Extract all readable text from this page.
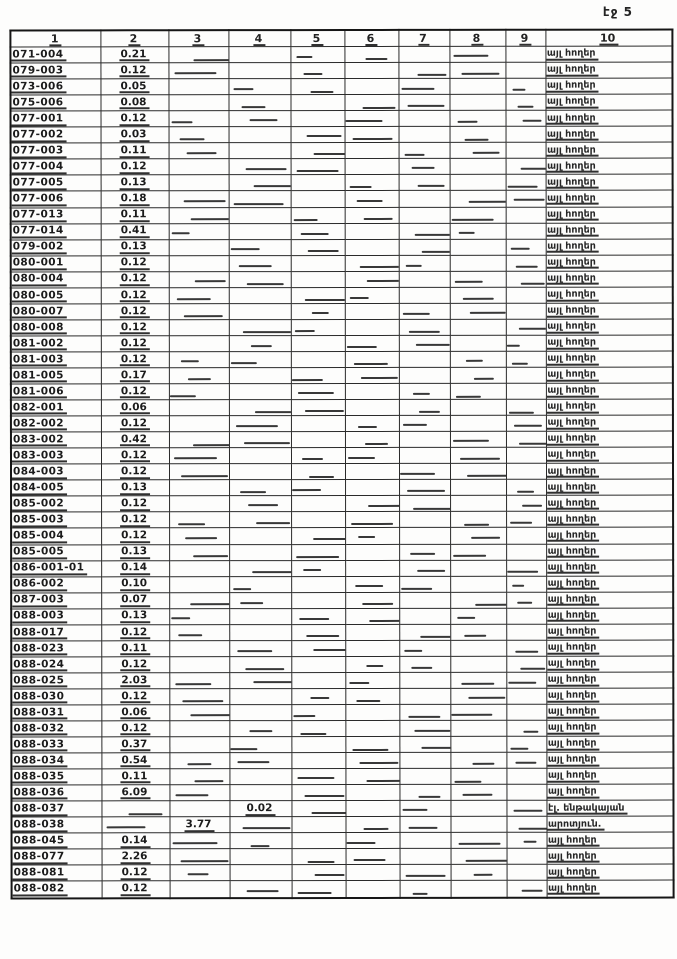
էջ 5
1	2	3	4	5	6	7	8	9	10
071-004	0.21								այլ հողեր
079-003	0.12								այլ հողեր
073-006	0.05								այլ հողեր
075-006	0.08								այլ հողեր
077-001	0.12								այլ հողեր
077-002	0.03								այլ հողեր
077-003	0.11								այլ հողեր
077-004	0.12								այլ հողեր
077-005	0.13								այլ հողեր
077-006	0.18								այլ հողեր
077-013	0.11								այլ հողեր
077-014	0.41								այլ հողեր
079-002	0.13								այլ հողեր
080-001	0.12								այլ հողեր
080-004	0.12								այլ հողեր
080-005	0.12								այլ հողեր
080-007	0.12								այլ հողեր
080-008	0.12								այլ հողեր
081-002	0.12								այլ հողեր
081-003	0.12								այլ հողեր
081-005	0.17								այլ հողեր
081-006	0.12								այլ հողեր
082-001	0.06								այլ հողեր
082-002	0.12								այլ հողեր
083-002	0.42								այլ հողեր
083-003	0.12								այլ հողեր
084-003	0.12								այլ հողեր
084-005	0.13								այլ հողեր
085-002	0.12								այլ հողեր
085-003	0.12								այլ հողեր
085-004	0.12								այլ հողեր
085-005	0.13								այլ հողեր
086-001-01	0.14								այլ հողեր
086-002	0.10								այլ հողեր
087-003	0.07								այլ հողեր
088-003	0.13								այլ հողեր
088-017	0.12								այլ հողեր
088-023	0.11								այլ հողեր
088-024	0.12								այլ հողեր
088-025	2.03								այլ հողեր
088-030	0.12								այլ հողեր
088-031	0.06								այլ հողեր
088-032	0.12								այլ հողեր
088-033	0.37								այլ հողեր
088-034	0.54								այլ հողեր
088-035	0.11								այլ հողեր
088-036	6.09								այլ հողեր
088-037			0.02						էլ. ենթակայան
088-038		3.77							արոտյուն.
088-045	0.14								այլ հողեր
088-077	2.26								այլ հողեր
088-081	0.12								այլ հողեր
088-082	0.12								այլ հողեր
